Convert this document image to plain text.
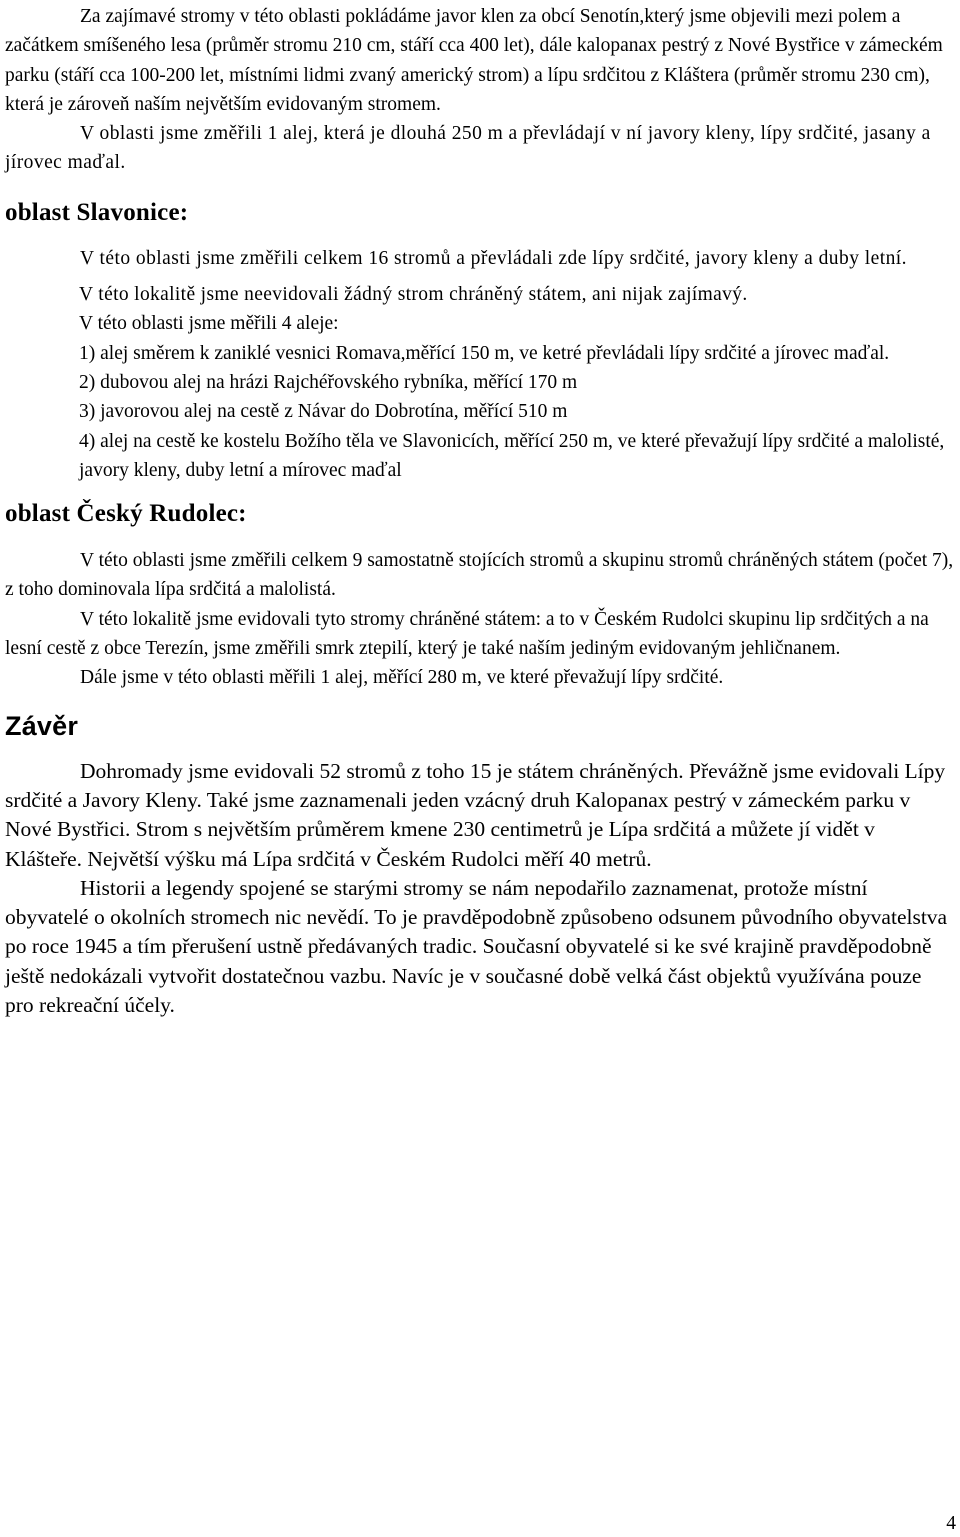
Za zajímavé stromy v této oblasti pokládáme javor klen za obcí Senotín,který jsme objevili mezi polem a začátkem smíšeného lesa (průměr stromu 210 cm, stáří cca 400 let), dále kalopanax pestrý z Nové Bystřice v zámeckém parku (stáří cca 100-200 let, místními lidmi zvaný americký strom) a lípu srdčitou z Kláštera (průměr stromu 230 cm), která je zároveň naším největším evidovaným stromem.

V oblasti jsme změřili 1 alej, která je dlouhá 250 m a převládají v ní javory kleny, lípy srdčité, jasany a jírovec maďal.

oblast Slavonice:

V této oblasti jsme změřili celkem 16 stromů a převládali zde lípy srdčité, javory kleny a duby letní.

V této lokalitě jsme neevidovali žádný strom chráněný státem, ani nijak zajímavý.

V této oblasti jsme měřili 4 aleje:

1) alej směrem k zaniklé vesnici Romava,měřící 150 m, ve ketré převládali lípy srdčité a jírovec maďal.

2) dubovou alej na hrázi Rajchéřovského rybníka, měřící 170 m

3) javorovou alej na cestě z Návar do Dobrotína, měřící 510 m

4) alej na cestě ke kostelu Božího těla ve Slavonicích, měřící 250 m, ve které převažují lípy srdčité a malolisté, javory kleny, duby letní a mírovec maďal

oblast Český Rudolec:

V této oblasti jsme změřili celkem 9 samostatně stojících stromů a skupinu stromů chráněných státem (počet 7), z toho dominovala lípa srdčitá a malolistá.

V této lokalitě jsme evidovali tyto stromy chráněné státem: a to v Českém Rudolci skupinu lip srdčitých a na lesní cestě z obce Terezín, jsme změřili smrk ztepilí, který je také naším jediným evidovaným jehličnanem.

Dále jsme v této oblasti měřili 1 alej, měřící 280 m, ve které převažují lípy srdčité.

Závěr

Dohromady jsme evidovali 52 stromů z toho 15 je státem chráněných. Převážně jsme evidovali Lípy srdčité a Javory Kleny. Také jsme zaznamenali jeden vzácný druh Kalopanax pestrý v zámeckém parku v Nové Bystřici. Strom s největším průměrem kmene 230 centimetrů je Lípa srdčitá a můžete jí vidět v Klášteře. Největší výšku má Lípa srdčitá v Českém Rudolci měří 40 metrů.

Historii a legendy spojené se starými stromy se nám nepodařilo zaznamenat, protože místní obyvatelé o okolních stromech nic nevědí. To je pravděpodobně způsobeno odsunem původního obyvatelstva po roce 1945 a tím přerušení ustně předávaných tradic. Současní obyvatelé si ke své krajině pravděpodobně ještě nedokázali vytvořit dostatečnou vazbu. Navíc je v současné době velká část objektů využívána pouze pro rekreační účely.

4
